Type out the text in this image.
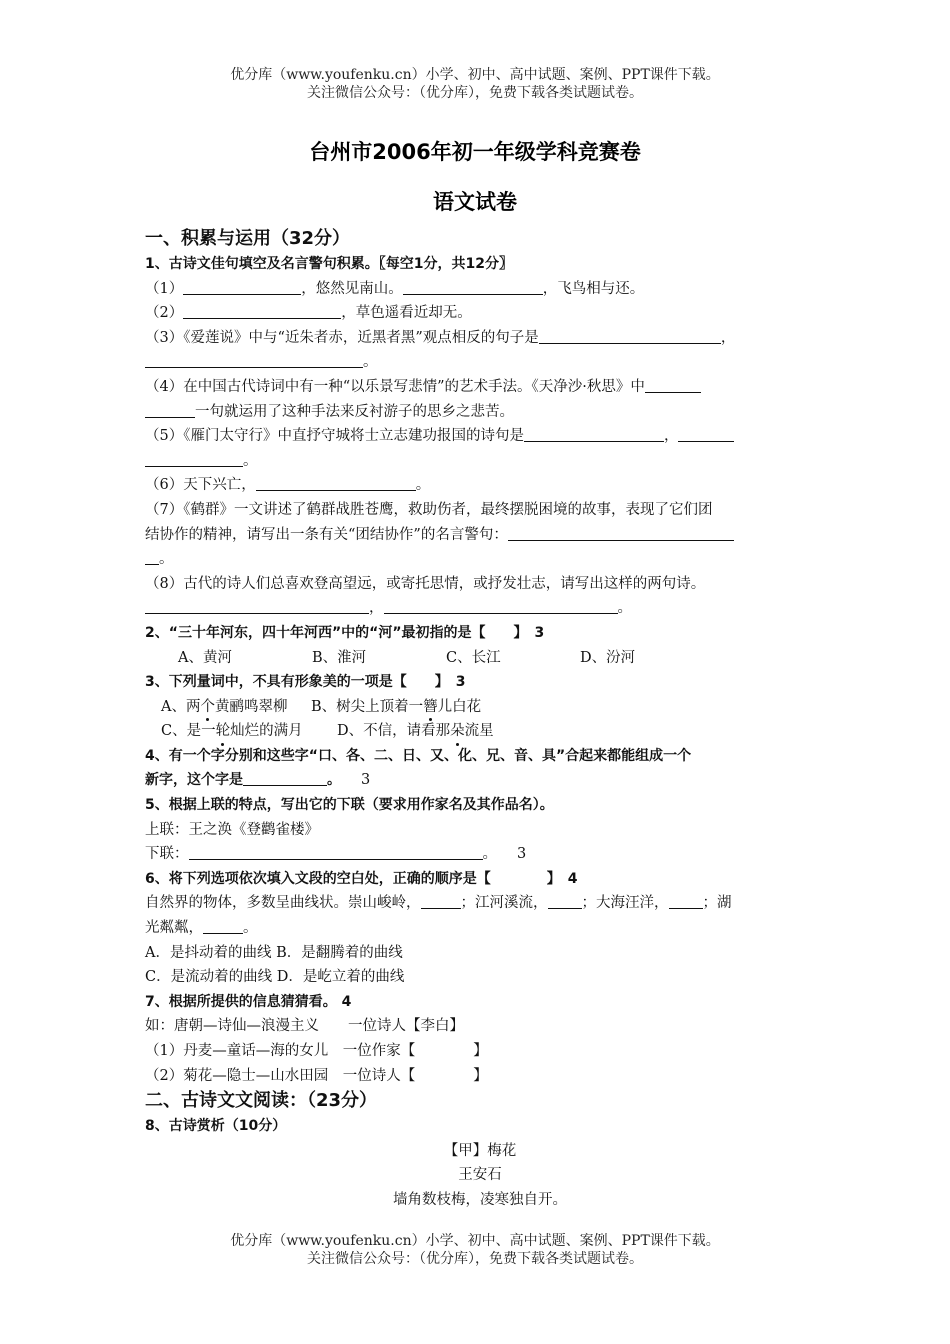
优分库（www.youfenku.cn）小学、初中、高中试题、案例、PPT课件下载。
关注微信公众号：（优分库），免费下载各类试题试卷。
台州市2006年初一年级学科竞赛卷
语文试卷
一、积累与运用（32分）
1、古诗文佳句填空及名言警句积累。〖每空1分，共12分〗
（1）	，悠然见南山。	，飞鸟相与还。
（2）	，草色遥看近却无。
（3）《爱莲说》中与“近朱者赤，近黑者黑”观点相反的句子是	，
。
（4）在中国古代诗词中有一种“以乐景写悲情”的艺术手法。《天净沙·秋思》中
一句就运用了这种手法来反衬游子的思乡之悲苦。
（5）《雁门太守行》中直抒守城将士立志建功报国的诗句是	，
。
（6）天下兴亡，	。
（7）《鹤群》一文讲述了鹤群战胜苍鹰，救助伤者，最终摆脱困境的故事，表现了它们团
结协作的精神，请写出一条有关“团结协作”的名言警句：
。
（8）古代的诗人们总喜欢登高望远，或寄托思情，或抒发壮志，请写出这样的两句诗。
，	。
2、“三十年河东，四十年河西”中的“河”最初指的是【　　】　3
A、黄河	B、淮河	C、长江	D、汾河
3、下列量词中，不具有形象美的一项是【　　】　3
A、两个黄鹂鸣翠柳 B、树尖上顶着一簪儿白花
C、是一轮灿烂的满月 D、不信，请看那朵流星
4、有一个字分别和这些字“口、各、二、日、又、化、兄、音、具”合起来都能组成一个
新字，这个字是	。 3
5、根据上联的特点，写出它的下联（要求用作家名及其作品名）。
上联：王之涣《登鹳雀楼》
下联：	。 3
6、将下列选项依次填入文段的空白处，正确的顺序是【　　　　】　4
自然界的物体，多数呈曲线状。崇山峻岭，	；江河溪流， ；大海汪洋， ；湖
光粼粼，	。
A．是抖动着的曲线 B．是翻腾着的曲线
C．是流动着的曲线 D．是屹立着的曲线
7、根据所提供的信息猜猜看。 4
如：唐朝—诗仙—浪漫主义　　一位诗人【李白】
（1）丹麦—童话—海的女儿　一位作家【　　　　】
（2）菊花—隐士—山水田园　一位诗人【　　　　】
二、古诗文文阅读：（23分）
8、古诗赏析（10分）
【甲】梅花
王安石
墙角数枝梅，凌寒独自开。
优分库（www.youfenku.cn）小学、初中、高中试题、案例、PPT课件下载。
关注微信公众号：（优分库），免费下载各类试题试卷。
